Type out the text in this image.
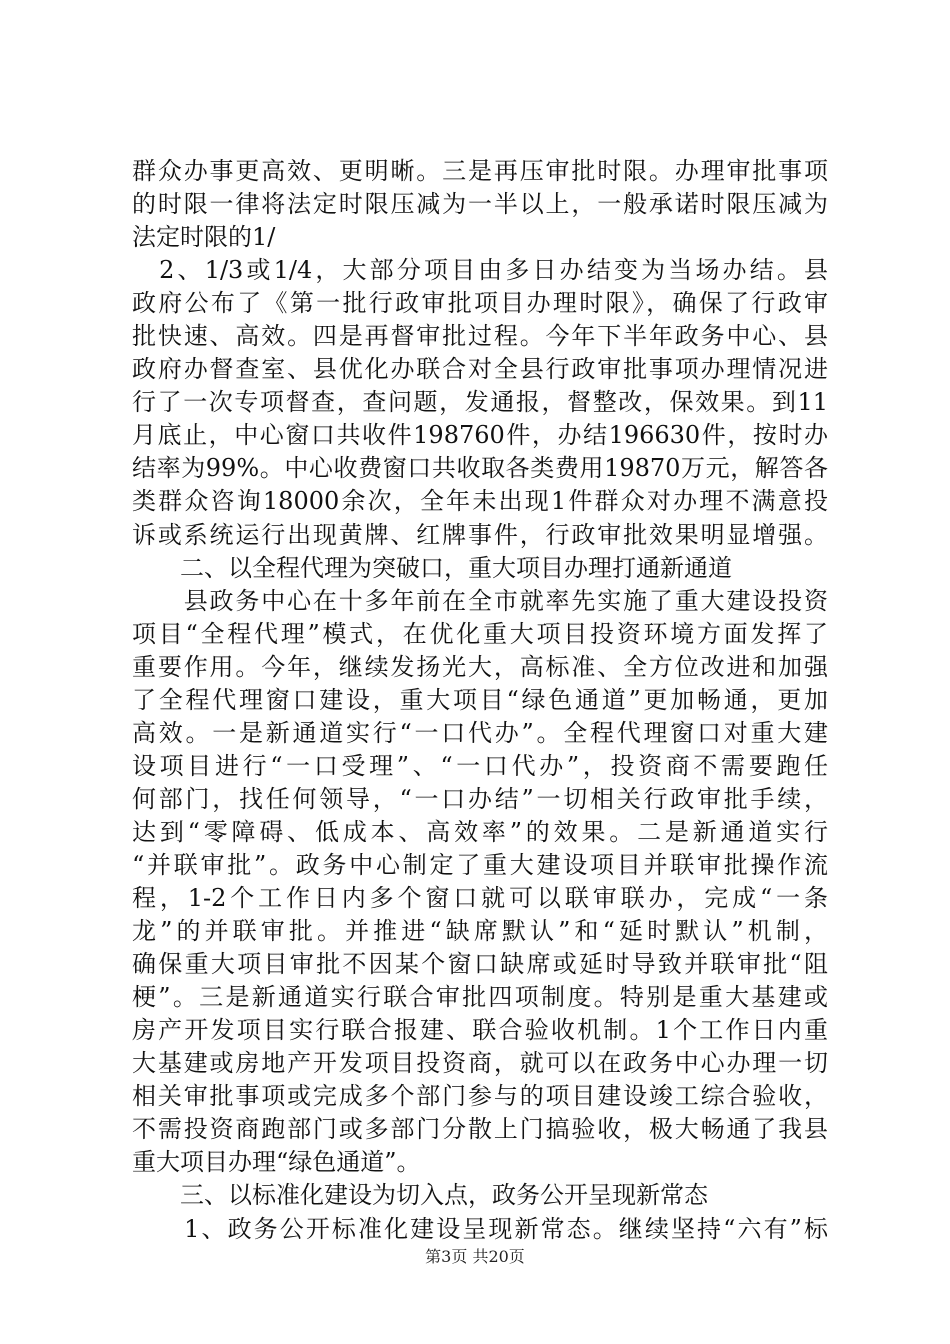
群众办事更高效、更明晰。三是再压审批时限。办理审批事项
的时限一律将法定时限压减为一半以上，一般承诺时限压减为
法定时限的1/
　2、1/3或1/4，大部分项目由多日办结变为当场办结。县
政府公布了《第一批行政审批项目办理时限》，确保了行政审
批快速、高效。四是再督审批过程。今年下半年政务中心、县
政府办督查室、县优化办联合对全县行政审批事项办理情况进
行了一次专项督查，查问题，发通报，督整改，保效果。到11
月底止，中心窗口共收件198760件，办结196630件，按时办
结率为99%。中心收费窗口共收取各类费用19870万元，解答各
类群众咨询18000余次，全年未出现1件群众对办理不满意投
诉或系统运行出现黄牌、红牌事件，行政审批效果明显增强。
　　二、以全程代理为突破口，重大项目办理打通新通道
　　县政务中心在十多年前在全市就率先实施了重大建设投资
项目“全程代理”模式，在优化重大项目投资环境方面发挥了
重要作用。今年，继续发扬光大，高标准、全方位改进和加强
了全程代理窗口建设，重大项目“绿色通道”更加畅通，更加
高效。一是新通道实行“一口代办”。全程代理窗口对重大建
设项目进行“一口受理”、“一口代办”，投资商不需要跑任
何部门，找任何领导，“一口办结”一切相关行政审批手续，
达到“零障碍、低成本、高效率”的效果。二是新通道实行
“并联审批”。政务中心制定了重大建设项目并联审批操作流
程，1-2个工作日内多个窗口就可以联审联办，完成“一条
龙”的并联审批。并推进“缺席默认”和“延时默认”机制，
确保重大项目审批不因某个窗口缺席或延时导致并联审批“阻
梗”。三是新通道实行联合审批四项制度。特别是重大基建或
房产开发项目实行联合报建、联合验收机制。1个工作日内重
大基建或房地产开发项目投资商，就可以在政务中心办理一切
相关审批事项或完成多个部门参与的项目建设竣工综合验收，
不需投资商跑部门或多部门分散上门搞验收，极大畅通了我县
重大项目办理“绿色通道”。
　　三、以标准化建设为切入点，政务公开呈现新常态
　　1、政务公开标准化建设呈现新常态。继续坚持“六有”标
第3页 共20页
